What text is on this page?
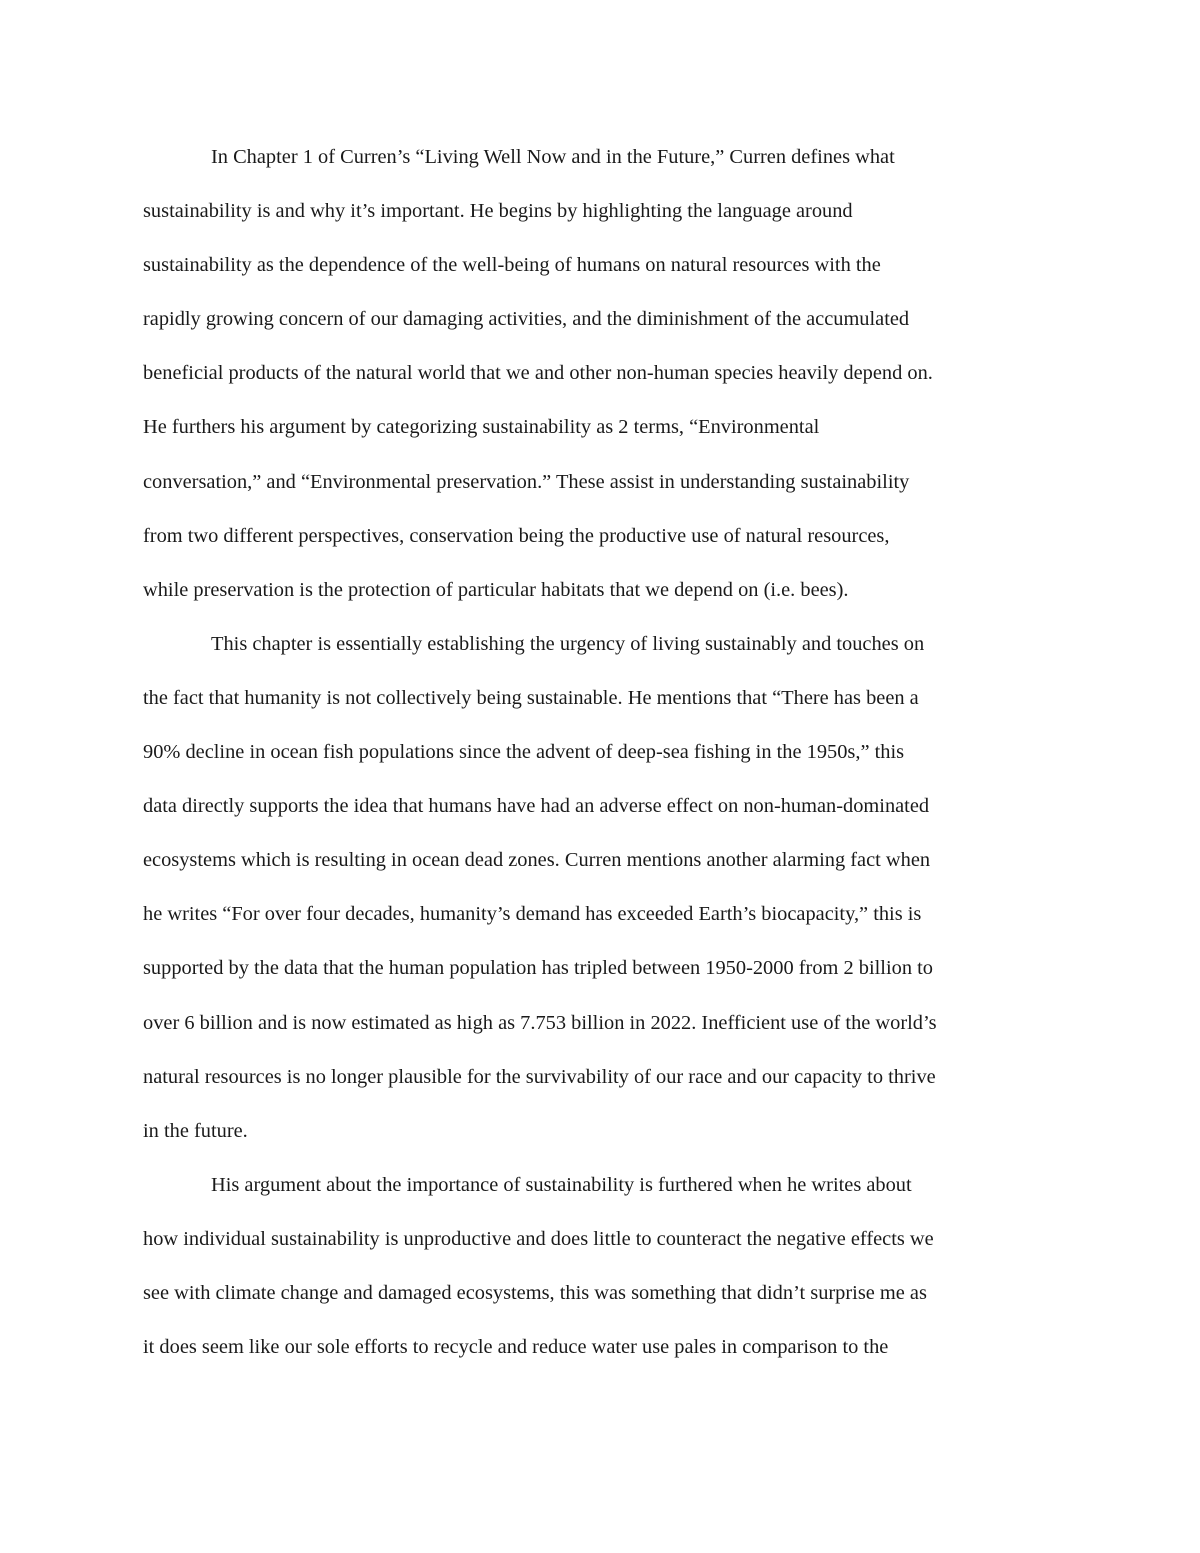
In Chapter 1 of Curren’s “Living Well Now and in the Future,” Curren defines what
sustainability is and why it’s important. He begins by highlighting the language around
sustainability as the dependence of the well-being of humans on natural resources with the
rapidly growing concern of our damaging activities, and the diminishment of the accumulated
beneficial products of the natural world that we and other non-human species heavily depend on.
He furthers his argument by categorizing sustainability as 2 terms, “Environmental
conversation,” and “Environmental preservation.” These assist in understanding sustainability
from two different perspectives, conservation being the productive use of natural resources,
while preservation is the protection of particular habitats that we depend on (i.e. bees).
This chapter is essentially establishing the urgency of living sustainably and touches on
the fact that humanity is not collectively being sustainable. He mentions that “There has been a
90% decline in ocean fish populations since the advent of deep-sea fishing in the 1950s,” this
data directly supports the idea that humans have had an adverse effect on non-human-dominated
ecosystems which is resulting in ocean dead zones. Curren mentions another alarming fact when
he writes “For over four decades, humanity’s demand has exceeded Earth’s biocapacity,” this is
supported by the data that the human population has tripled between 1950-2000 from 2 billion to
over 6 billion and is now estimated as high as 7.753 billion in 2022. Inefficient use of the world’s
natural resources is no longer plausible for the survivability of our race and our capacity to thrive
in the future.
His argument about the importance of sustainability is furthered when he writes about
how individual sustainability is unproductive and does little to counteract the negative effects we
see with climate change and damaged ecosystems, this was something that didn’t surprise me as
it does seem like our sole efforts to recycle and reduce water use pales in comparison to the
